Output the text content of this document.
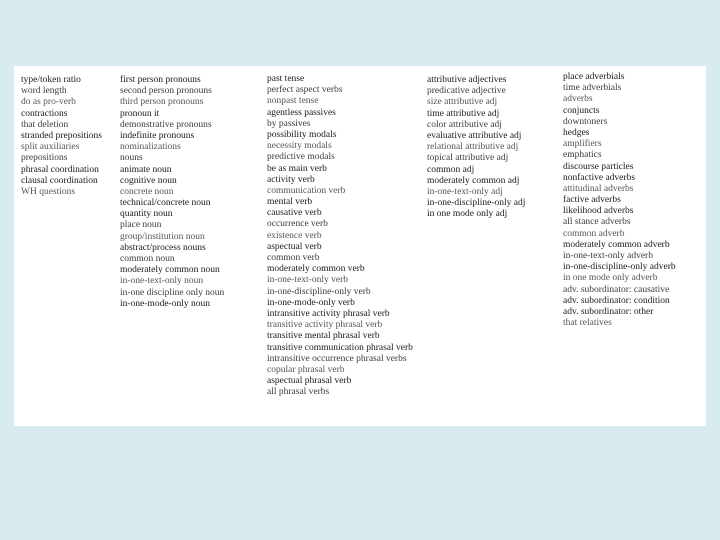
type/token ratio
word length
do as pro-verb
contractions
that deletion
stranded prepositions
split auxiliaries
prepositions
phrasal coordination
clausal coordination
WH questions
first person pronouns
second person pronouns
third person pronouns
pronoun it
demonstrative pronouns
indefinite pronouns
nominalizations
nouns
animate noun
cognitive noun
concrete noun
technical/concrete noun
quantity noun
place noun
group/institution noun
abstract/process nouns
common noun
moderately common noun
in-one-text-only noun
in-one discipline only noun
in-one-mode-only noun
past tense
perfect aspect verbs
nonpast tense
agentless passives
by passives
possibility modals
necessity modals
predictive modals
be as main verb
activity verb
communication verb
mental verb
causative verb
occurrence verb
existence verb
aspectual verb
common verb
moderately common verb
in-one-text-only verb
in-one-discipline-only verb
in-one-mode-only verb
intransitive activity phrasal verb
transitive activity phrasal verb
transitive mental phrasal verb
transitive communication phrasal verb
intransitive occurrence phrasal verbs
copular phrasal verb
aspectual phrasal verb
all phrasal verbs
attributive adjectives
predicative adjective
size attributive adj
time attributive adj
color attributive adj
evaluative attributive adj
relational attributive adj
topical attributive adj
common adj
moderately common adj
in-one-text-only adj
in-one-discipline-only adj
in one mode only adj
place adverbials
time adverbials
adverbs
conjuncts
downtoners
hedges
amplifiers
emphatics
discourse particles
nonfactive adverbs
attitudinal adverbs
factive adverbs
likelihood adverbs
all stance adverbs
common adverb
moderately common adverb
in-one-text-only adverb
in-one-discipline-only adverb
in one mode only adverb
adv. subordinator: causative
adv. subordinator: condition
adv. subordinator: other
that relatives
